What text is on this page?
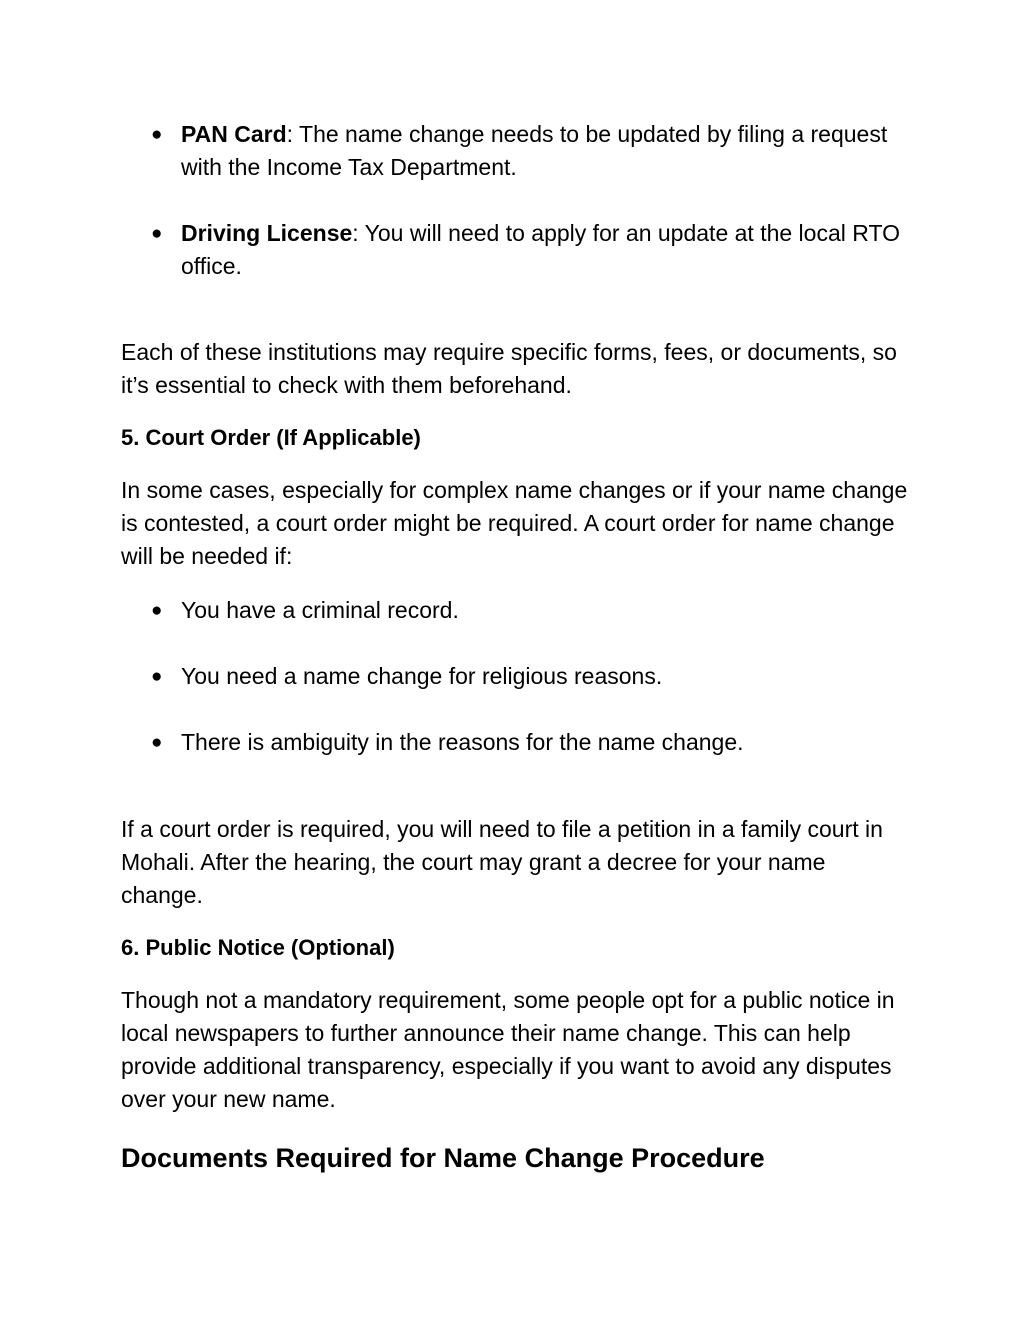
● PAN Card: The name change needs to be updated by filing a request with the Income Tax Department.
● Driving License: You will need to apply for an update at the local RTO office.

Each of these institutions may require specific forms, fees, or documents, so it’s essential to check with them beforehand.

5. Court Order (If Applicable)

In some cases, especially for complex name changes or if your name change is contested, a court order might be required. A court order for name change will be needed if:

● You have a criminal record.
● You need a name change for religious reasons.
● There is ambiguity in the reasons for the name change.

If a court order is required, you will need to file a petition in a family court in Mohali. After the hearing, the court may grant a decree for your name change.

6. Public Notice (Optional)

Though not a mandatory requirement, some people opt for a public notice in local newspapers to further announce their name change. This can help provide additional transparency, especially if you want to avoid any disputes over your new name.

Documents Required for Name Change Procedure
